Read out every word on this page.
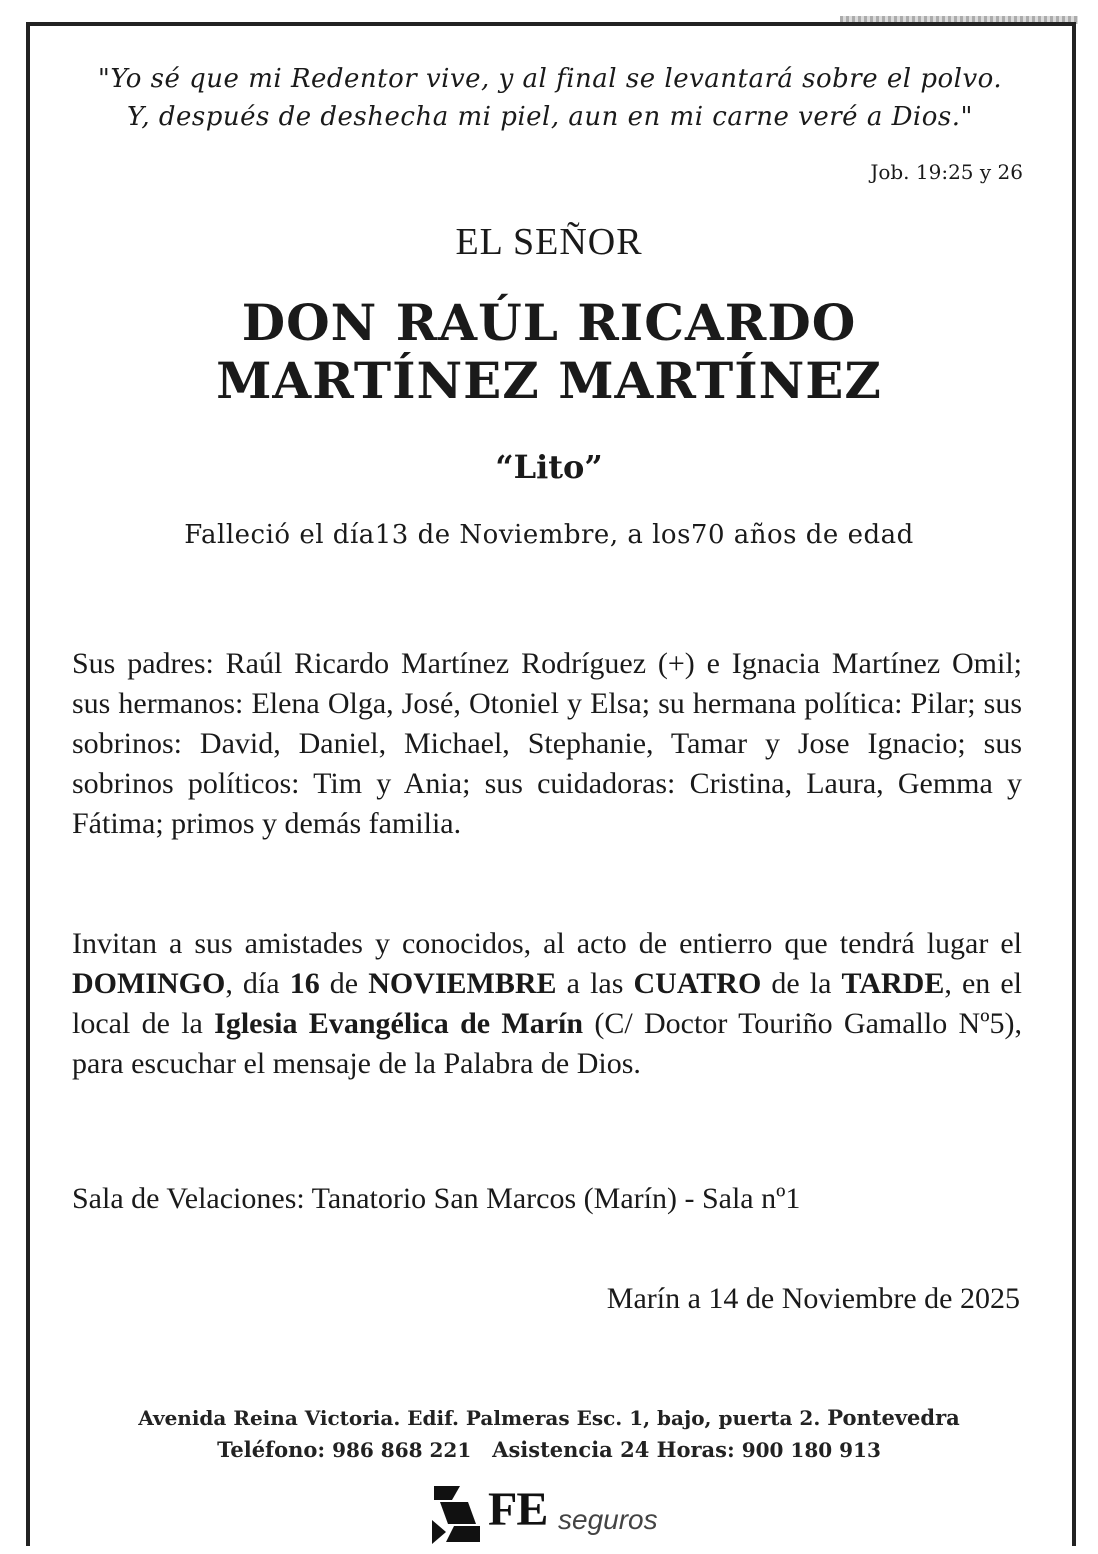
"Yo sé que mi Redentor vive, y al final se levantará sobre el polvo.
Y, después de deshecha mi piel, aun en mi carne veré a Dios."
Job. 19:25 y 26
EL SEÑOR
DON RAÚL RICARDO
MARTÍNEZ MARTÍNEZ
“Lito”
Falleció el día13 de Noviembre, a los70 años de edad
Sus padres: Raúl Ricardo Martínez Rodríguez (+) e Ignacia Martínez Omil; sus hermanos: Elena Olga, José, Otoniel y Elsa; su hermana política: Pilar; sus sobrinos: David, Daniel, Michael, Stephanie, Tamar y Jose Ignacio; sus sobrinos políticos: Tim y Ania; sus cuidadoras: Cristina, Laura, Gemma y Fátima; primos y demás familia.
Invitan a sus amistades y conocidos, al acto de entierro que tendrá lugar el DOMINGO, día 16 de NOVIEMBRE a las CUATRO de la TARDE, en el local de la Iglesia Evangélica de Marín (C/ Doctor Touriño Gamallo Nº5), para escuchar el mensaje de la Palabra de Dios.
Sala de Velaciones: Tanatorio San Marcos (Marín) - Sala nº1
Marín a 14 de Noviembre de 2025
Avenida Reina Victoria. Edif. Palmeras Esc. 1, bajo, puerta 2. Pontevedra
Teléfono: 986 868 221 Asistencia 24 Horas: 900 180 913
FE seguros
